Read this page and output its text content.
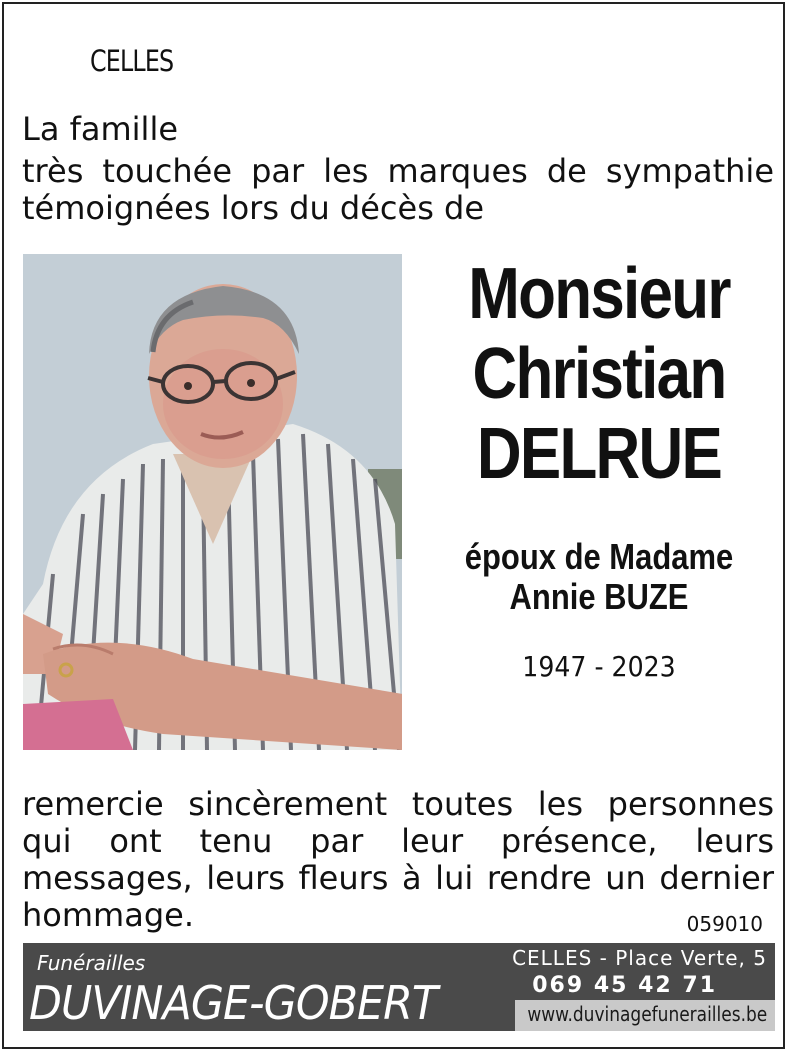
CELLES
La famille
très touchée par les marques de sympathie témoignées lors du décès de
Monsieur
Christian
DELRUE
époux de Madame
Annie BUZE
1947 - 2023
remercie sincèrement toutes les personnes qui ont tenu par leur présence, leurs messages, leurs fleurs à lui rendre un dernier hommage.	059010
Funérailles
DUVINAGE-GOBERT
CELLES - Place Verte, 5
069 45 42 71
www.duvinagefunerailles.be
